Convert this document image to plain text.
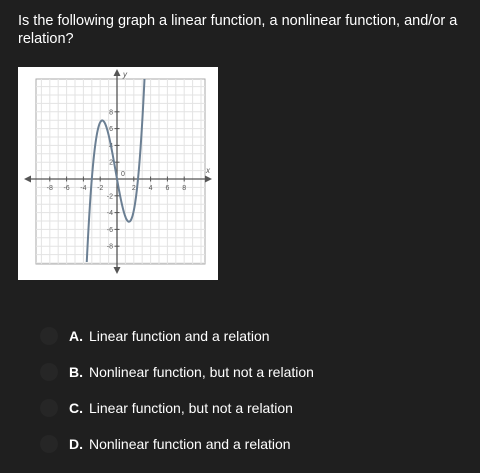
Is the following graph a linear function, a nonlinear function, and/or a relation?
x
y
-8 -6 -4 -2	2 4 6 8
8
6
4
2
-2
-4
-6
-8
0
A. Linear function and a relation
B. Nonlinear function, but not a relation
C. Linear function, but not a relation
D. Nonlinear function and a relation
